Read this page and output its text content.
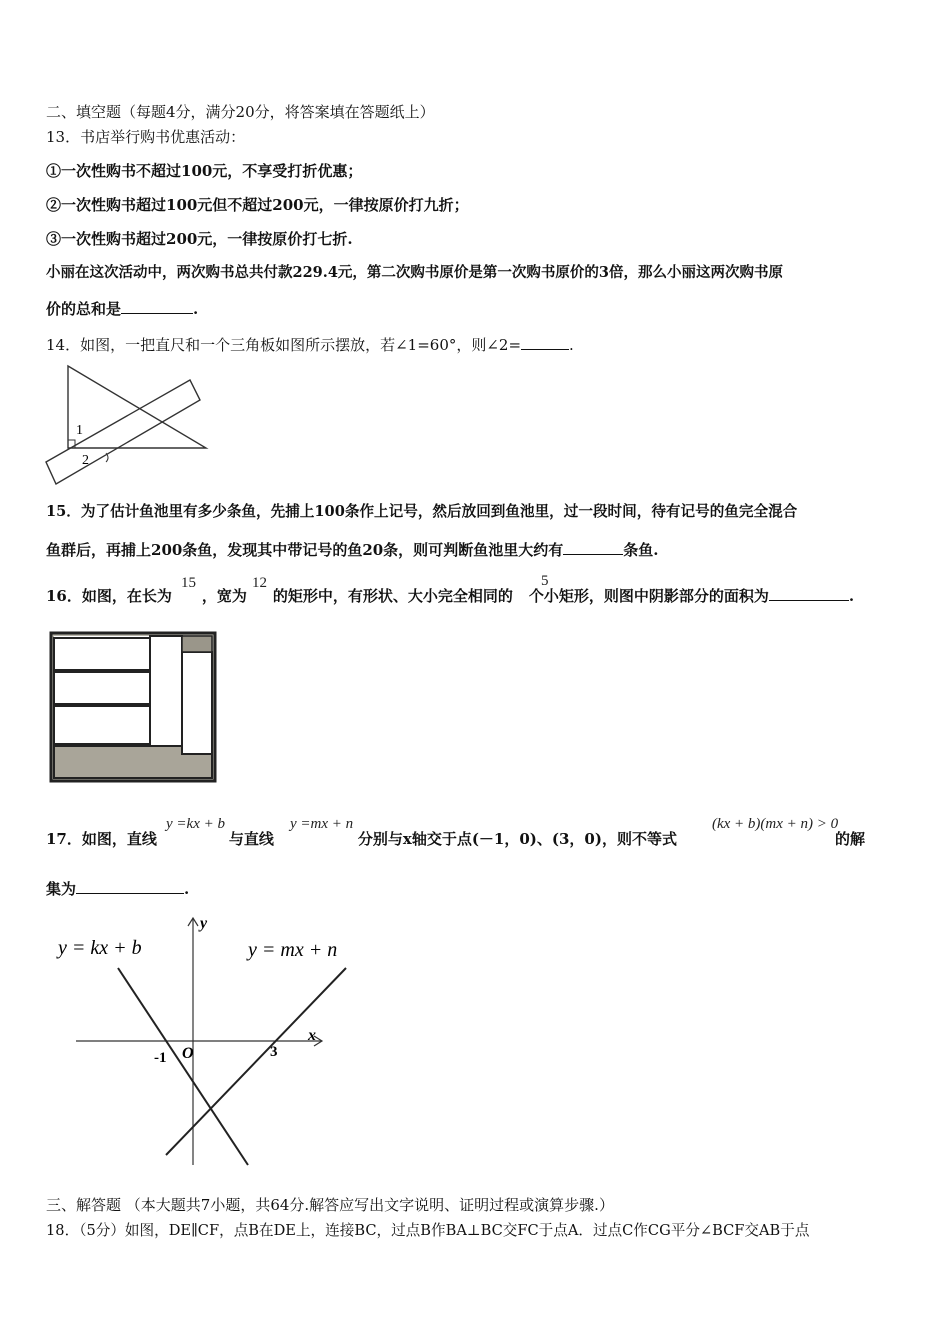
二、填空题（每题4分，满分20分，将答案填在答题纸上）
13．书店举行购书优惠活动：
①一次性购书不超过100元，不享受打折优惠；
②一次性购书超过100元但不超过200元，一律按原价打九折；
③一次性购书超过200元，一律按原价打七折.
小丽在这次活动中，两次购书总共付款229.4元，第二次购书原价是第一次购书原价的3倍，那么小丽这两次购书原
价的总和是	.
14．如图，一把直尺和一个三角板如图所示摆放，若∠1=60°，则∠2=	.
1
2
15．为了估计鱼池里有多少条鱼，先捕上100条作上记号，然后放回到鱼池里，过一段时间，待有记号的鱼完全混合
鱼群后，再捕上200条鱼，发现其中带记号的鱼20条，则可判断鱼池里大约有	条鱼.
16．如图，在长为 ，宽为 的矩形中，有形状、大小完全相同的 个小矩形，则图中阴影部分的面积为	.
15	12	5
17．如图，直线	与直线	分别与x轴交于点(－1，0)、(3，0)，则不等式	的解
y =kx + b	y =mx + n	(kx + b)(mx + n) > 0
集为	.
y = kx + b	y = mx + n
x
y
O
-1	3
三、解答题 （本大题共7小题，共64分.解答应写出文字说明、证明过程或演算步骤.）
18．（5分）如图，DE∥CF，点B在DE上，连接BC，过点B作BA⊥BC交FC于点A．过点C作CG平分∠BCF交AB于点
